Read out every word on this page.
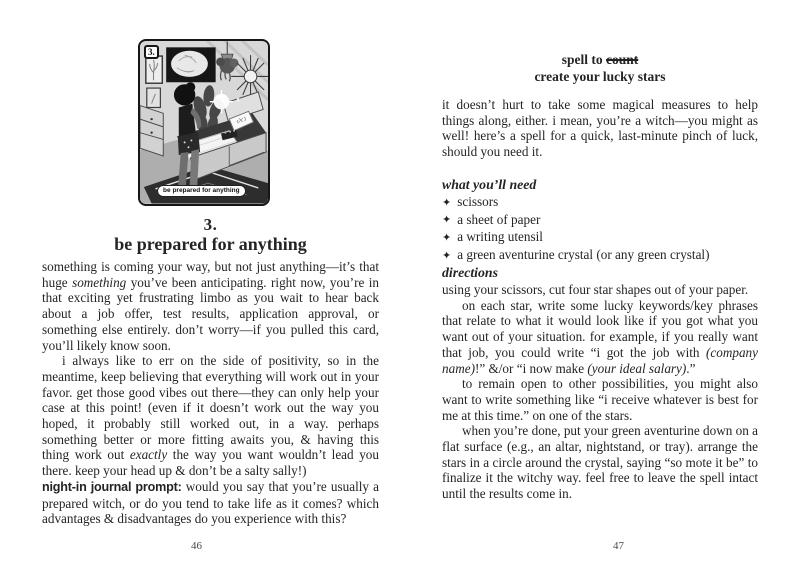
3.
be prepared for anything
3.
be prepared for anything

something is coming your way, but not just anything—it’s that huge something you’ve been anticipating. right now, you’re in that exciting yet frustrating limbo as you wait to hear back about a job offer, test results, application approval, or something else entirely. don’t worry—if you pulled this card, you’ll likely know soon.

i always like to err on the side of positivity, so in the meantime, keep believing that everything will work out in your favor. get those good vibes out there—they can only help your case at this point! (even if it doesn’t work out the way you hoped, it probably still worked out, in a way. perhaps something better or more fitting awaits you, & having this thing work out exactly the way you want wouldn’t lead you there. keep your head up & don’t be a salty sally!)

night-in journal prompt: would you say that you’re usually a prepared witch, or do you tend to take life as it comes? which advantages & disadvantages do you experience with this?

spell to count
create your lucky stars

it doesn’t hurt to take some magical measures to help things along, either. i mean, you’re a witch—you might as well! here’s a spell for a quick, last-minute pinch of luck, should you need it.

what you’ll need
✦ scissors
✦ a sheet of paper
✦ a writing utensil
✦ a green aventurine crystal (or any green crystal)
directions

using your scissors, cut four star shapes out of your paper.

on each star, write some lucky keywords/key phrases that relate to what it would look like if you got what you want out of your situation. for example, if you really want that job, you could write “i got the job with (company name)!” &/or “i now make (your ideal salary).”

to remain open to other possibilities, you might also want to write something like “i receive whatever is best for me at this time.” on one of the stars.

when you’re done, put your green aventurine down on a flat surface (e.g., an altar, nightstand, or tray). arrange the stars in a circle around the crystal, saying “so mote it be” to finalize it the witchy way. feel free to leave the spell intact until the results come in.

46	47
